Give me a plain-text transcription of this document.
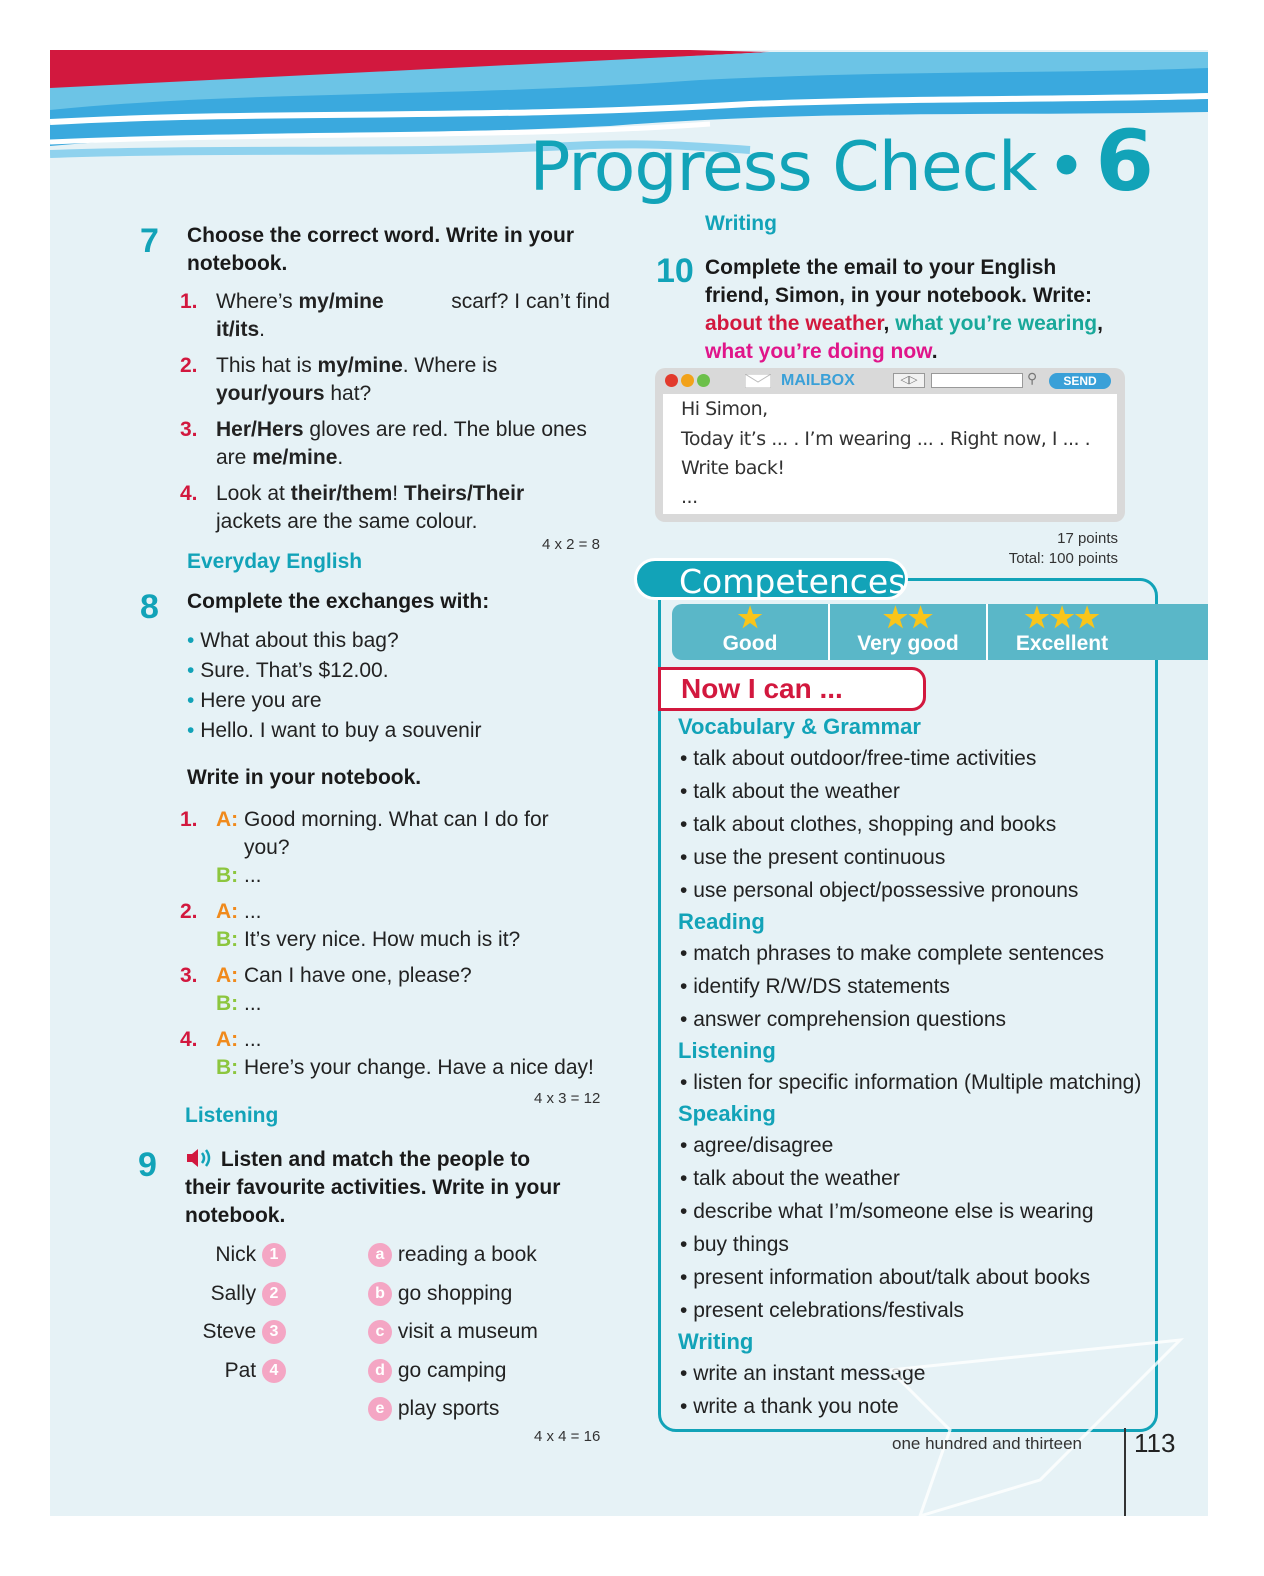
Progress Check • 6
7 Choose the correct word. Write in your
notebook.
1. Where’s my/mine	scarf? I can’t find
it/its.
2. This hat is my/mine. Where is
your/yours hat?
3. Her/Hers gloves are red. The blue ones
are me/mine.
4. Look at their/them! Theirs/Their
jackets are the same colour.
4 x 2 = 8
Everyday English
8 Complete the exchanges with:
• What about this bag?
• Sure. That’s $12.00.
• Here you are
• Hello. I want to buy a souvenir
Write in your notebook.
1. A: Good morning. What can I do for
you?
B: ...
2. A: ...
B: It’s very nice. How much is it?
3. A: Can I have one, please?
B: ...
4. A: ...
B: Here’s your change. Have a nice day!
4 x 3 = 12
Listening
9	Listen and match the people to
their favourite activities. Write in your
notebook.
Nick 1
Sally 2
Steve 3
Pat 4
a reading a book
b go shopping
c visit a museum
d go camping
e play sports
4 x 4 = 16
Writing
10 Complete the email to your English
friend, Simon, in your notebook. Write:
about the weather, what you’re wearing,
what you’re doing now.
MAILBOX	◁▷	⚲	SEND
Hi Simon,
Today it’s ... . I’m wearing ... . Right now, I ... .
Write back!
...
17 points
Total: 100 points
Competences
★
Good
★★
Very good
★★★
Excellent
Now I can ...
Vocabulary & Grammar
• talk about outdoor/free-time activities
• talk about the weather
• talk about clothes, shopping and books
• use the present continuous
• use personal object/possessive pronouns
Reading
• match phrases to make complete sentences
• identify R/W/DS statements
• answer comprehension questions
Listening
• listen for specific information (Multiple matching)
Speaking
• agree/disagree
• talk about the weather
• describe what I’m/someone else is wearing
• buy things
• present information about/talk about books
• present celebrations/festivals
Writing
• write an instant message
• write a thank you note
one hundred and thirteen 113
